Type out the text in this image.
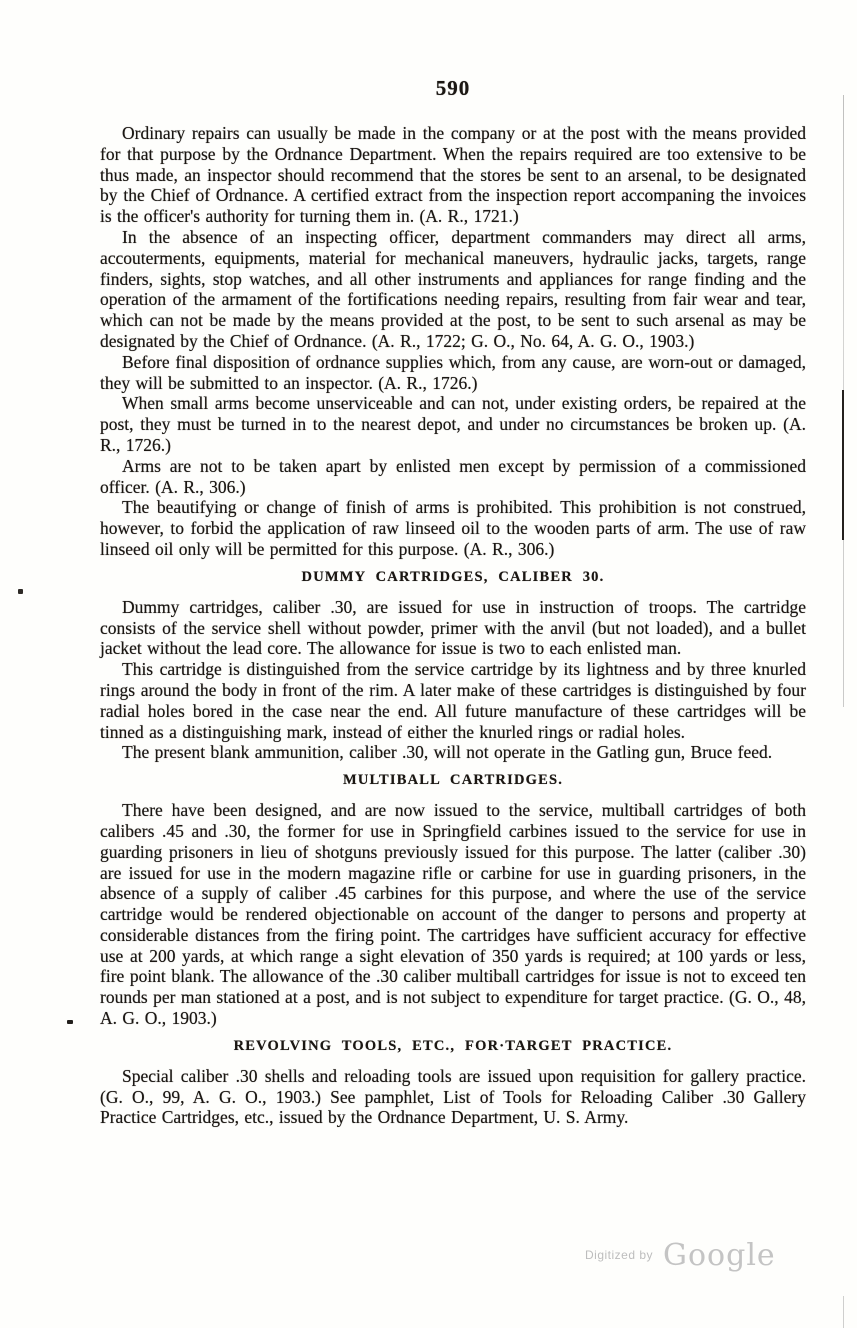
590

Ordinary repairs can usually be made in the company or at the post with the means provided for that purpose by the Ordnance Department. When the repairs required are too extensive to be thus made, an inspector should recommend that the stores be sent to an arsenal, to be designated by the Chief of Ordnance. A certified extract from the inspection report accompaning the invoices is the officer's authority for turning them in. (A. R., 1721.)

In the absence of an inspecting officer, department commanders may direct all arms, accouterments, equipments, material for mechanical maneuvers, hydraulic jacks, targets, range finders, sights, stop watches, and all other instruments and appliances for range finding and the operation of the armament of the fortifications needing repairs, resulting from fair wear and tear, which can not be made by the means provided at the post, to be sent to such arsenal as may be designated by the Chief of Ordnance. (A. R., 1722; G. O., No. 64, A. G. O., 1903.)

Before final disposition of ordnance supplies which, from any cause, are worn-out or damaged, they will be submitted to an inspector. (A. R., 1726.)

When small arms become unserviceable and can not, under existing orders, be repaired at the post, they must be turned in to the nearest depot, and under no circumstances be broken up. (A. R., 1726.)

Arms are not to be taken apart by enlisted men except by permission of a commissioned officer. (A. R., 306.)

The beautifying or change of finish of arms is prohibited. This prohibition is not construed, however, to forbid the application of raw linseed oil to the wooden parts of arm. The use of raw linseed oil only will be permitted for this purpose. (A. R., 306.)

DUMMY CARTRIDGES, CALIBER 30.

Dummy cartridges, caliber .30, are issued for use in instruction of troops. The cartridge consists of the service shell without powder, primer with the anvil (but not loaded), and a bullet jacket without the lead core. The allowance for issue is two to each enlisted man.

This cartridge is distinguished from the service cartridge by its lightness and by three knurled rings around the body in front of the rim. A later make of these cartridges is distinguished by four radial holes bored in the case near the end. All future manufacture of these cartridges will be tinned as a distinguishing mark, instead of either the knurled rings or radial holes.

The present blank ammunition, caliber .30, will not operate in the Gatling gun, Bruce feed.

MULTIBALL CARTRIDGES.

There have been designed, and are now issued to the service, multiball cartridges of both calibers .45 and .30, the former for use in Springfield carbines issued to the service for use in guarding prisoners in lieu of shotguns previously issued for this purpose. The latter (caliber .30) are issued for use in the modern magazine rifle or carbine for use in guarding prisoners, in the absence of a supply of caliber .45 carbines for this purpose, and where the use of the service cartridge would be rendered objectionable on account of the danger to persons and property at considerable distances from the firing point. The cartridges have sufficient accuracy for effective use at 200 yards, at which range a sight elevation of 350 yards is required; at 100 yards or less, fire point blank. The allowance of the .30 caliber multiball cartridges for issue is not to exceed ten rounds per man stationed at a post, and is not subject to expenditure for target practice. (G. O., 48, A. G. O., 1903.)

REVOLVING TOOLS, ETC., FOR·TARGET PRACTICE.

Special caliber .30 shells and reloading tools are issued upon requisition for gallery practice. (G. O., 99, A. G. O., 1903.) See pamphlet, List of Tools for Reloading Caliber .30 Gallery Practice Cartridges, etc., issued by the Ordnance Department, U. S. Army.

$^{Digitized by}$ Google
